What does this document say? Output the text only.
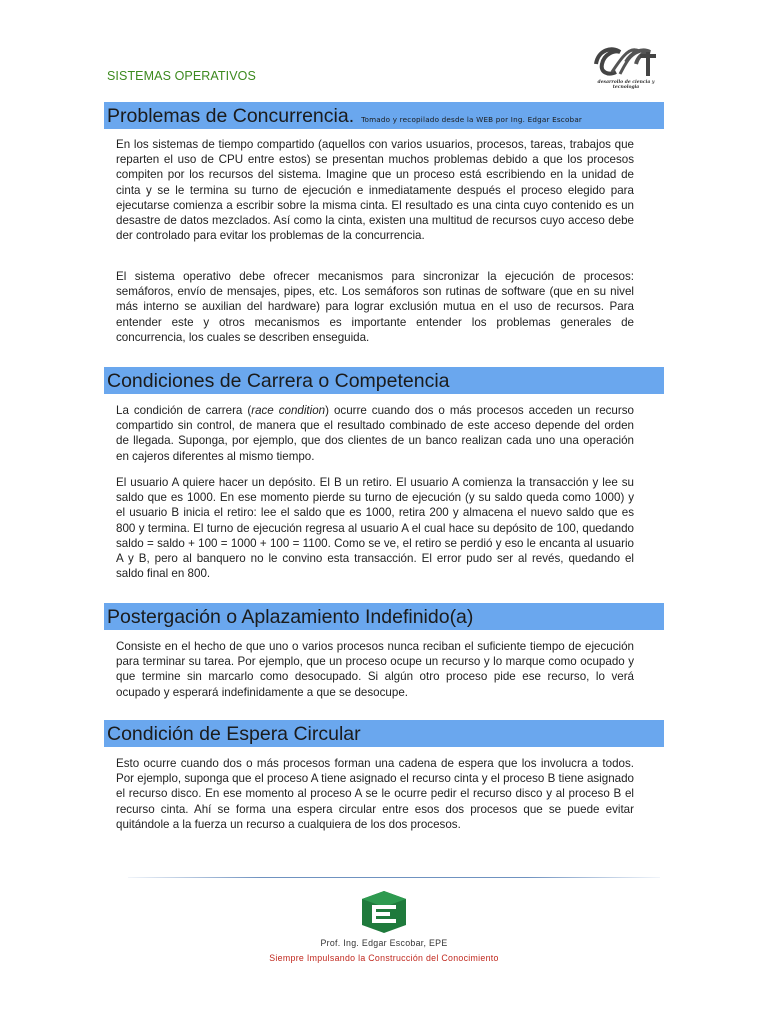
SISTEMAS OPERATIVOS	desarrollo de ciencia y tecnologia
Problemas de Concurrencia. Tomado y recopilado desde la WEB por Ing. Edgar Escobar

En los sistemas de tiempo compartido (aquellos con varios usuarios, procesos, tareas, trabajos que reparten el uso de CPU entre estos) se presentan muchos problemas debido a que los procesos compiten por los recursos del sistema. Imagine que un proceso está escribiendo en la unidad de cinta y se le termina su turno de ejecución e inmediatamente después el proceso elegido para ejecutarse comienza a escribir sobre la misma cinta. El resultado es una cinta cuyo contenido es un desastre de datos mezclados. Así como la cinta, existen una multitud de recursos cuyo acceso debe der controlado para evitar los problemas de la concurrencia.

El sistema operativo debe ofrecer mecanismos para sincronizar la ejecución de procesos: semáforos, envío de mensajes, pipes, etc. Los semáforos son rutinas de software (que en su nivel más interno se auxilian del hardware) para lograr exclusión mutua en el uso de recursos. Para entender este y otros mecanismos es importante entender los problemas generales de concurrencia, los cuales se describen enseguida.

Condiciones de Carrera o Competencia

La condición de carrera (race condition) ocurre cuando dos o más procesos acceden un recurso compartido sin control, de manera que el resultado combinado de este acceso depende del orden de llegada. Suponga, por ejemplo, que dos clientes de un banco realizan cada uno una operación en cajeros diferentes al mismo tiempo.

El usuario A quiere hacer un depósito. El B un retiro. El usuario A comienza la transacción y lee su saldo que es 1000. En ese momento pierde su turno de ejecución (y su saldo queda como 1000) y el usuario B inicia el retiro: lee el saldo que es 1000, retira 200 y almacena el nuevo saldo que es 800 y termina. El turno de ejecución regresa al usuario A el cual hace su depósito de 100, quedando saldo = saldo + 100 = 1000 + 100 = 1100. Como se ve, el retiro se perdió y eso le encanta al usuario A y B, pero al banquero no le convino esta transacción. El error pudo ser al revés, quedando el saldo final en 800.

Postergación o Aplazamiento Indefinido(a)

Consiste en el hecho de que uno o varios procesos nunca reciban el suficiente tiempo de ejecución para terminar su tarea. Por ejemplo, que un proceso ocupe un recurso y lo marque como ocupado y que termine sin marcarlo como desocupado. Si algún otro proceso pide ese recurso, lo verá ocupado y esperará indefinidamente a que se desocupe.

Condición de Espera Circular

Esto ocurre cuando dos o más procesos forman una cadena de espera que los involucra a todos. Por ejemplo, suponga que el proceso A tiene asignado el recurso cinta y el proceso B tiene asignado el recurso disco. En ese momento al proceso A se le ocurre pedir el recurso disco y al proceso B el recurso cinta. Ahí se forma una espera circular entre esos dos procesos que se puede evitar quitándole a la fuerza un recurso a cualquiera de los dos procesos.

Prof. Ing. Edgar Escobar, EPE
Siempre Impulsando la Construcción del Conocimiento
